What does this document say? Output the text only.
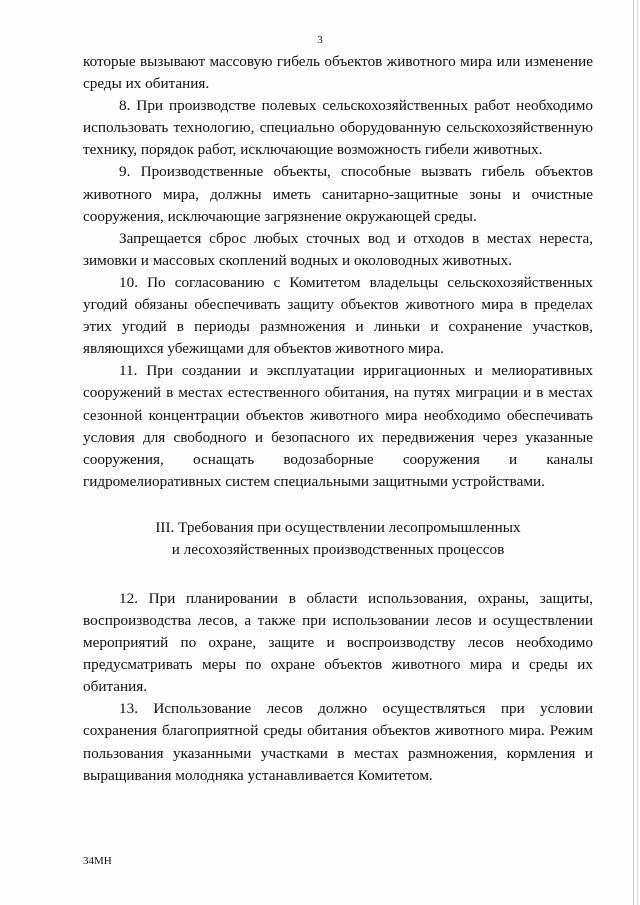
3

которые вызывают массовую гибель объектов животного мира или изменение среды их обитания.

8. При производстве полевых сельскохозяйственных работ необходимо использовать технологию, специально оборудованную сельскохозяйственную технику, порядок работ, исключающие возможность гибели животных.

9. Производственные объекты, способные вызвать гибель объектов животного мира, должны иметь санитарно-защитные зоны и очистные сооружения, исключающие загрязнение окружающей среды.

Запрещается сброс любых сточных вод и отходов в местах нереста, зимовки и массовых скоплений водных и околоводных животных.

10. По согласованию с Комитетом владельцы сельскохозяйственных угодий обязаны обеспечивать защиту объектов животного мира в пределах этих угодий в периоды размножения и линьки и сохранение участков, являющихся убежищами для объектов животного мира.

11. При создании и эксплуатации ирригационных и мелиоративных сооружений в местах естественного обитания, на путях миграции и в местах сезонной концентрации объектов животного мира необходимо обеспечивать условия для свободного и безопасного их передвижения через указанные сооружения, оснащать водозаборные сооружения и каналы гидромелиоративных систем специальными защитными устройствами.

III. Требования при осуществлении лесопромышленных
и лесохозяйственных производственных процессов

12. При планировании в области использования, охраны, защиты, воспроизводства лесов, а также при использовании лесов и осуществлении мероприятий по охране, защите и воспроизводству лесов необходимо предусматривать меры по охране объектов животного мира и среды их обитания.

13. Использование лесов должно осуществляться при условии сохранения благоприятной среды обитания объектов животного мира. Режим пользования указанными участками в местах размножения, кормления и выращивания молодняка устанавливается Комитетом.

34МН
